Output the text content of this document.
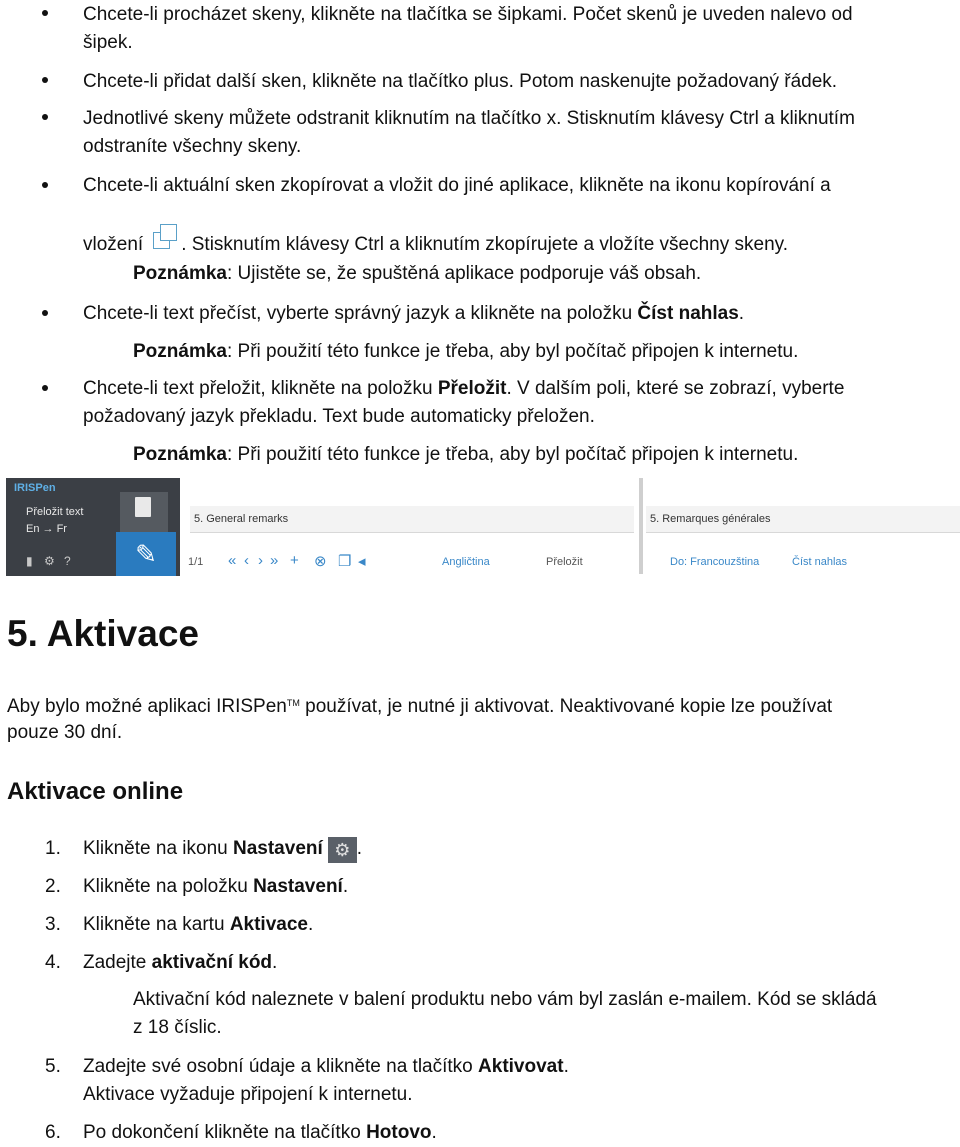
Chcete-li procházet skeny, klikněte na tlačítka se šipkami. Počet skenů je uveden nalevo od
šipek.
Chcete-li přidat další sken, klikněte na tlačítko plus. Potom naskenujte požadovaný řádek.
Jednotlivé skeny můžete odstranit kliknutím na tlačítko x. Stisknutím klávesy Ctrl a kliknutím
odstraníte všechny skeny.
Chcete-li aktuální sken zkopírovat a vložit do jiné aplikace, klikněte na ikonu kopírování a
vložení . Stisknutím klávesy Ctrl a kliknutím zkopírujete a vložíte všechny skeny.
Poznámka: Ujistěte se, že spuštěná aplikace podporuje váš obsah.
Chcete-li text přečíst, vyberte správný jazyk a klikněte na položku Číst nahlas.
Poznámka: Při použití této funkce je třeba, aby byl počítač připojen k internetu.
Chcete-li text přeložit, klikněte na položku Přeložit. V dalším poli, které se zobrazí, vyberte
požadovaný jazyk překladu. Text bude automaticky přeložen.
Poznámka: Při použití této funkce je třeba, aby byl počítač připojen k internetu.
IRISPen
Přeložit text
En → Fr
▮ ⚙ ?	✎
5. General remarks	5. Remarques générales
1/1 « ‹ › » + ⊗ ❐ ◂	Angličtina	Přeložit	Do: Francouzština	Číst nahlas
5. Aktivace
Aby bylo možné aplikaci IRISPen™ používat, je nutné ji aktivovat. Neaktivované kopie lze používat
pouze 30 dní.
Aktivace online
1. Klikněte na ikonu Nastavení ⚙ .
2. Klikněte na položku Nastavení.
3. Klikněte na kartu Aktivace.
4. Zadejte aktivační kód.
Aktivační kód naleznete v balení produktu nebo vám byl zaslán e-mailem. Kód se skládá
z 18 číslic.
5. Zadejte své osobní údaje a klikněte na tlačítko Aktivovat.
Aktivace vyžaduje připojení k internetu.
6. Po dokončení klikněte na tlačítko Hotovo.
